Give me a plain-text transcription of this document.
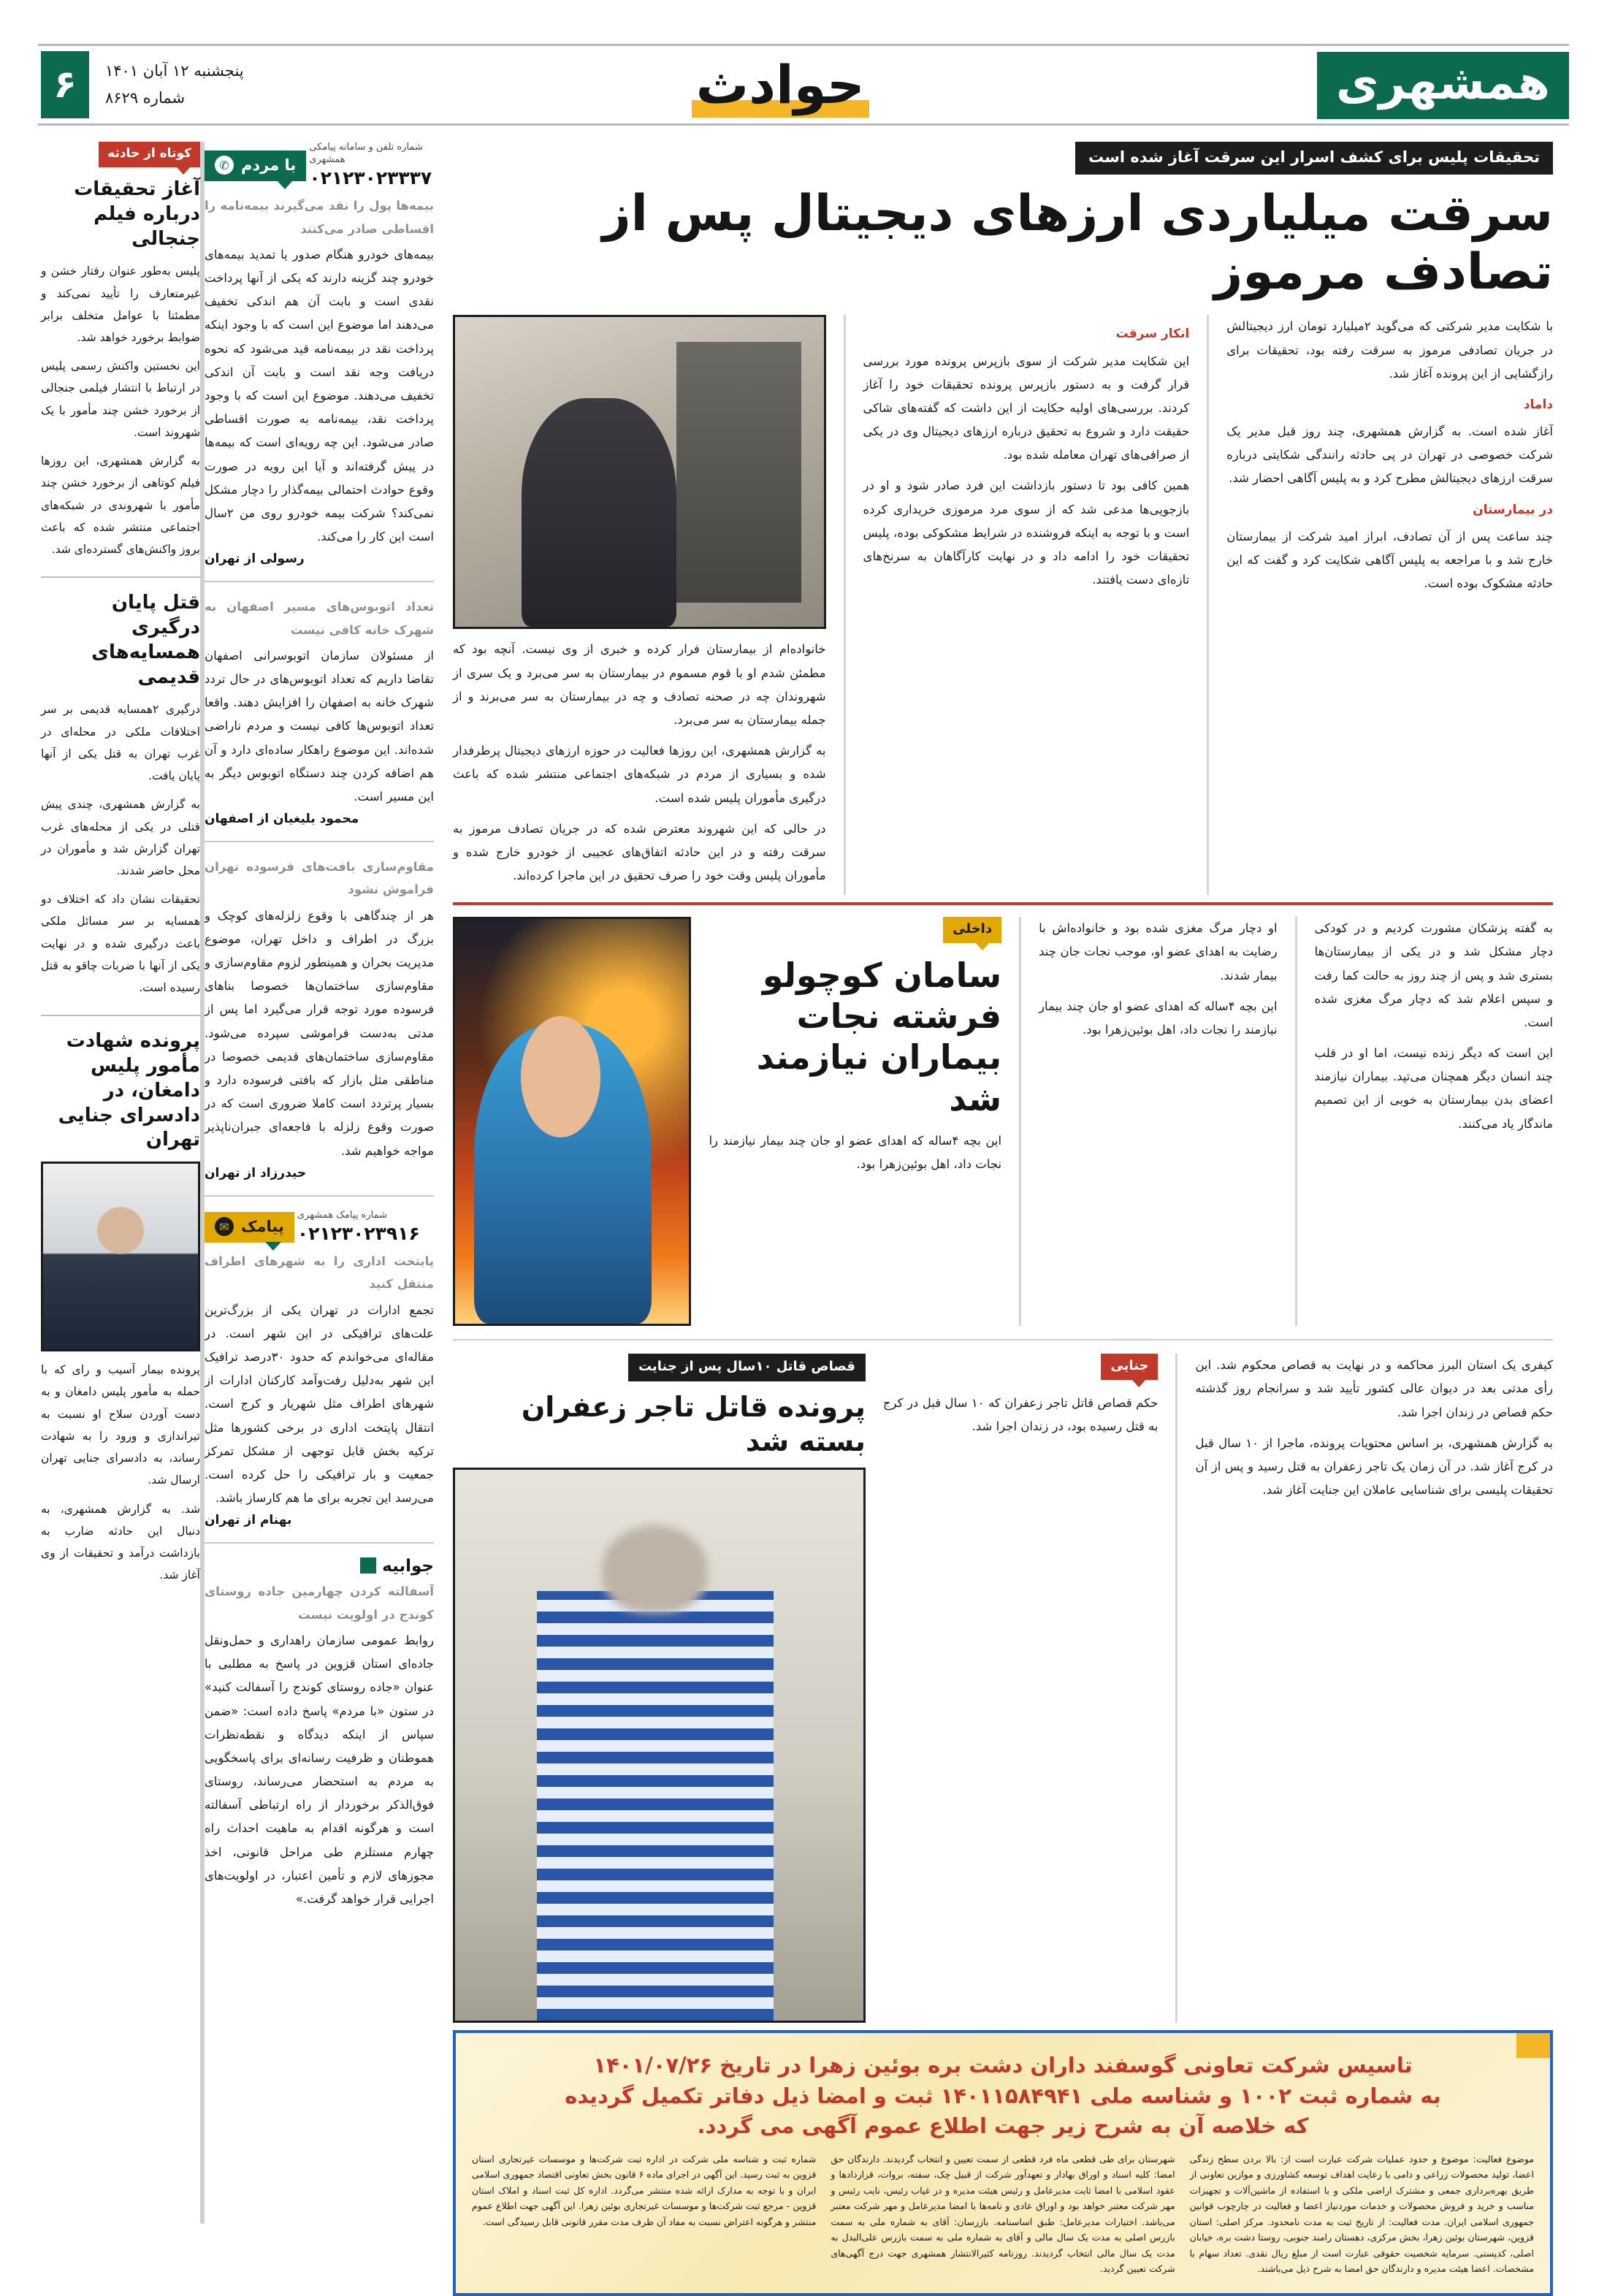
همشهری
حوادث
پنجشنبه ۱۲ آبان ۱۴۰۱
شماره ۸۶۲۹
۶
کوتاه از حادثه
آغاز تحقیقات درباره فیلم جنجالی

پلیس به‌طور عنوان رفتار خشن و غیرمتعارف را تأیید نمی‌کند و مطمئنا با عوامل متخلف برابر ضوابط برخورد خواهد شد.

این نخستین واکنش رسمی پلیس در ارتباط با انتشار فیلمی جنجالی از برخورد خشن چند مأمور با یک شهروند است.

به گزارش همشهری، این روزها فیلم کوتاهی از برخورد خشن چند مأمور با شهروندی در شبکه‌های اجتماعی منتشر شده که باعث بروز واکنش‌های گسترده‌ای شد.

قتل پایان درگیری همسایه‌های قدیمی

درگیری ۲همسایه قدیمی بر سر اختلافات ملکی در محله‌ای در غرب تهران به قتل یکی از آنها پایان یافت.

به گزارش همشهری، چندی پیش قتلی در یکی از محله‌های غرب تهران گزارش شد و مأموران در محل حاضر شدند.

تحقیقات نشان داد که اختلاف دو همسایه بر سر مسائل ملکی باعث درگیری شده و در نهایت یکی از آنها با ضربات چاقو به قتل رسیده است.

پرونده شهادت مأمور پلیس دامغان، در دادسرای جنایی تهران

پرونده بیمار آسیب و رای که با حمله به مأمور پلیس دامغان و به دست آوردن سلاح او نسبت به تیراندازی و ورود را به شهادت رساند، به دادسرای جنایی تهران ارسال شد.

شد. به گزارش همشهری، به دنبال این حادثه ضارب به بازداشت درآمد و تحقیقات از وی آغاز شد.

تحقیقات پلیس برای کشف اسرار این سرقت آغاز شده است
سرقت میلیاردی ارزهای دیجیتال پس از تصادف مرموز

با شکایت مدیر شرکتی که می‌گوید ۲میلیارد تومان ارز دیجیتالش در جریان تصادفی مرموز به سرقت رفته بود، تحقیقات برای رازگشایی از این پرونده آغاز شد.

داماد

آغاز شده است. به گزارش همشهری، چند روز قبل مدیر یک شرکت خصوصی در تهران در پی حادثه رانندگی شکایتی درباره سرقت ارزهای دیجیتالش مطرح کرد و به پلیس آگاهی احضار شد.

در بیمارستان

چند ساعت پس از آن تصادف، ابراز امید شرکت از بیمارستان خارج شد و با مراجعه به پلیس آگاهی شکایت کرد و گفت که این حادثه مشکوک بوده است.

انکار سرقت

این شکایت مدیر شرکت از سوی بازپرس پرونده مورد بررسی قرار گرفت و به دستور بازپرس پرونده تحقیقات خود را آغاز کردند. بررسی‌های اولیه حکایت از این داشت که گفته‌های شاکی حقیقت دارد و شروع به تحقیق درباره ارزهای دیجیتال وی در یکی از صرافی‌های تهران معامله شده بود.

همین کافی بود تا دستور بازداشت این فرد صادر شود و او در بازجویی‌ها مدعی شد که از سوی مرد مرموزی خریداری کرده است و با توجه به اینکه فروشنده در شرایط مشکوکی بوده، پلیس تحقیقات خود را ادامه داد و در نهایت کارآگاهان به سرنخ‌های تازه‌ای دست یافتند.

خانواده‌ام از بیمارستان فرار کرده و خبری از وی نیست. آنچه بود که مطمئن شدم او با قوم مسموم در بیمارستان به سر می‌برد و یک سری از شهروندان چه در صحنه تصادف و چه در بیمارستان به سر می‌برند و از جمله بیمارستان به سر می‌برد.

به گزارش همشهری، این روزها فعالیت در حوزه ارزهای دیجیتال پرطرفدار شده و بسیاری از مردم در شبکه‌های اجتماعی منتشر شده که باعث درگیری مأموران پلیس شده است.

در حالی که این شهروند معترض شده که در جریان تصادف مرموز به سرقت رفته و در این حادثه اتفاق‌های عجیبی از خودرو خارج شده و مأموران پلیس وقت خود را صرف تحقیق در این ماجرا کرده‌اند.

به گفته پزشکان مشورت کردیم و در کودکی دچار مشکل شد و در یکی از بیمارستان‌ها بستری شد و پس از چند روز به حالت کما رفت و سپس اعلام شد که دچار مرگ مغزی شده است.

این است که دیگر زنده نیست، اما او در قلب چند انسان دیگر همچنان می‌تپد. بیماران نیازمند اعضای بدن بیمارستان به خوبی از این تصمیم ماندگار یاد می‌کنند.

او دچار مرگ مغزی شده بود و خانواده‌اش با رضایت به اهدای عضو او، موجب نجات جان چند بیمار شدند.

این بچه ۴ساله که اهدای عضو او جان چند بیمار نیازمند را نجات داد، اهل بوئین‌زهرا بود.

داخلی
سامان کوچولو فرشته نجات بیماران نیازمند شد

این بچه ۴ساله که اهدای عضو او جان چند بیمار نیازمند را نجات داد، اهل بوئین‌زهرا بود.

کیفری یک استان البرز محاکمه و در نهایت به قصاص محکوم شد. این رأی مدتی بعد در دیوان عالی کشور تأیید شد و سرانجام روز گذشته حکم قصاص در زندان اجرا شد.

به گزارش همشهری، بر اساس محتویات پرونده، ماجرا از ۱۰ سال قبل در کرج آغاز شد. در آن زمان یک تاجر زعفران به قتل رسید و پس از آن تحقیقات پلیسی برای شناسایی عاملان این جنایت آغاز شد.

جنایی

حکم قصاص قاتل تاجر زعفران که ۱۰ سال قبل در کرج به قتل رسیده بود، در زندان اجرا شد.

قصاص قاتل ۱۰سال پس از جنایت
پرونده قاتل تاجر زعفران بسته شد
تاسیس شرکت تعاونی گوسفند داران دشت بره بوئین زهرا در تاریخ ۱۴۰۱/۰۷/۲۶
به شماره ثبت ۱۰۰۲ و شناسه ملی ۱۴۰۱۱۵۸۴۹۴۱ ثبت و امضا ذیل دفاتر تکمیل گردیده
که خلاصه آن به شرح زیر جهت اطلاع عموم آگهی می گردد.

موضوع فعالیت: موضوع و حدود عملیات شرکت عبارت است از: بالا بردن سطح زندگی اعضا، تولید محصولات زراعی و دامی با رعایت اهداف توسعه کشاورزی و موازین تعاونی از طریق بهره‌برداری جمعی و مشترک اراضی ملکی و با استفاده از ماشین‌آلات و تجهیزات مناسب و خرید و فروش محصولات و خدمات موردنیاز اعضا و فعالیت در چارچوب قوانین جمهوری اسلامی ایران. مدت فعالیت: از تاریخ ثبت به مدت نامحدود. مرکز اصلی: استان قزوین، شهرستان بوئین زهرا، بخش مرکزی، دهستان رامند جنوبی، روستا دشت بره، خیابان اصلی، کدپستی. سرمایه شخصیت حقوقی عبارت است از مبلغ ریال نقدی. تعداد سهام با مشخصات. اعضا هیئت مدیره و دارندگان حق امضا به شرح ذیل می‌باشند.

شهرستان برای طی قطعی ماه فرد قطعی از سمت تعیین و انتخاب گردیدند. دارندگان حق امضا: کلیه اسناد و اوراق بهادار و تعهدآور شرکت از قبیل چک، سفته، بروات، قراردادها و عقود اسلامی با امضا ثابت مدیرعامل و رئیس هیئت مدیره و در غیاب رئیس، نایب رئیس و مهر شرکت معتبر خواهد بود و اوراق عادی و نامه‌ها با امضا مدیرعامل و مهر شرکت معتبر می‌باشد. اختیارات مدیرعامل: طبق اساسنامه. بازرسان: آقای به شماره ملی به سمت بازرس اصلی به مدت یک سال مالی و آقای به شماره ملی به سمت بازرس علی‌البدل به مدت یک سال مالی انتخاب گردیدند. روزنامه کثیرالانتشار همشهری جهت درج آگهی‌های شرکت تعیین گردید.

شماره ثبت و شناسه ملی شرکت در اداره ثبت شرکت‌ها و موسسات غیرتجاری استان قزوین به ثبت رسید. این آگهی در اجرای ماده ۶ قانون بخش تعاونی اقتصاد جمهوری اسلامی ایران و با توجه به مدارک ارائه شده منتشر می‌گردد. اداره کل ثبت اسناد و املاک استان قزوین - مرجع ثبت شرکت‌ها و موسسات غیرتجاری بوئین زهرا. این آگهی جهت اطلاع عموم منتشر و هرگونه اعتراض نسبت به مفاد آن ظرف مدت مقرر قانونی قابل رسیدگی است.

شماره تلفن و سامانه پیامکی همشهری
۰۲۱۲۳۰۲۳۳۳۷
با مردم
✆
بیمه‌ها پول را نقد می‌گیرند بیمه‌نامه را اقساطی صادر می‌کنند
بیمه‌های خودرو هنگام صدور یا تمدید بیمه‌های خودرو چند گزینه دارند که یکی از آنها پرداخت نقدی است و بابت آن هم اندکی تخفیف می‌دهند اما موضوع این است که با وجود اینکه پرداخت نقد در بیمه‌نامه قید می‌شود که نحوه دریافت وجه نقد است و بابت آن اندکی تخفیف می‌دهند. موضوع این است که با وجود پرداخت نقد، بیمه‌نامه به صورت اقساطی صادر می‌شود. این چه رویه‌ای است که بیمه‌ها در پیش گرفته‌اند و آیا این رویه در صورت وقوع حوادث احتمالی بیمه‌گذار را دچار مشکل نمی‌کند؟ شرکت بیمه خودرو روی من ۲سال است این کار را می‌کند.
رسولی از تهران
تعداد اتوبوس‌های مسیر اصفهان به شهرک خانه کافی نیست
از مسئولان سازمان اتوبوسرانی اصفهان تقاضا داریم که تعداد اتوبوس‌های در حال تردد شهرک خانه به اصفهان را افزایش دهند. واقعا تعداد اتوبوس‌ها کافی نیست و مردم ناراضی شده‌اند. این موضوع راهکار ساده‌ای دارد و آن هم اضافه کردن چند دستگاه اتوبوس دیگر به این مسیر است.
محمود بلیغیان از اصفهان
مقاوم‌سازی بافت‌های فرسوده تهران فراموش نشود
هر از چندگاهی با وقوع زلزله‌های کوچک و بزرگ در اطراف و داخل تهران، موضوع مدیریت بحران و همینطور لزوم مقاوم‌سازی و مقاوم‌سازی ساختمان‌ها خصوصا بناهای فرسوده مورد توجه قرار می‌گیرد اما پس از مدتی به‌دست فراموشی سپرده می‌شود. مقاوم‌سازی ساختمان‌های قدیمی خصوصا در مناطقی مثل بازار که بافتی فرسوده دارد و بسیار پرتردد است کاملا ضروری است که در صورت وقوع زلزله با فاجعه‌ای جبران‌ناپذیر مواجه خواهیم شد.
حیدرزاد از تهران
شماره پیامک همشهری
۰۲۱۲۳۰۲۳۹۱۶
پیامک
✉
پایتخت اداری را به شهرهای اطراف منتقل کنید
تجمع ادارات در تهران یکی از بزرگ‌ترین علت‌های ترافیکی در این شهر است. در مقاله‌ای می‌خواندم که حدود ۳۰درصد ترافیک این شهر به‌دلیل رفت‌وآمد کارکنان ادارات از شهرهای اطراف مثل شهریار و کرج است. انتقال پایتخت اداری در برخی کشورها مثل ترکیه بخش قابل توجهی از مشکل تمرکز جمعیت و بار ترافیکی را حل کرده است. می‌رسد این تجربه برای ما هم کارساز باشد.
بهنام از تهران
جوابیه
آسفالته کردن چهارمین جاده روستای کوندج در اولویت نیست
روابط عمومی سازمان راهداری و حمل‌ونقل جاده‌ای استان قزوین در پاسخ به مطلبی با عنوان «جاده روستای کوندج را آسفالت کنید» در ستون «با مردم» پاسخ داده است: «ضمن سپاس از اینکه دیدگاه و نقطه‌نظرات هموطنان و ظرفیت رسانه‌ای برای پاسخگویی به مردم به استحضار می‌رساند، روستای فوق‌الذکر برخوردار از راه ارتباطی آسفالته است و هرگونه اقدام به ماهیت احداث راه چهارم مستلزم طی مراحل قانونی، اخذ مجوزهای لازم و تأمین اعتبار، در اولویت‌های اجرایی قرار خواهد گرفت.»
